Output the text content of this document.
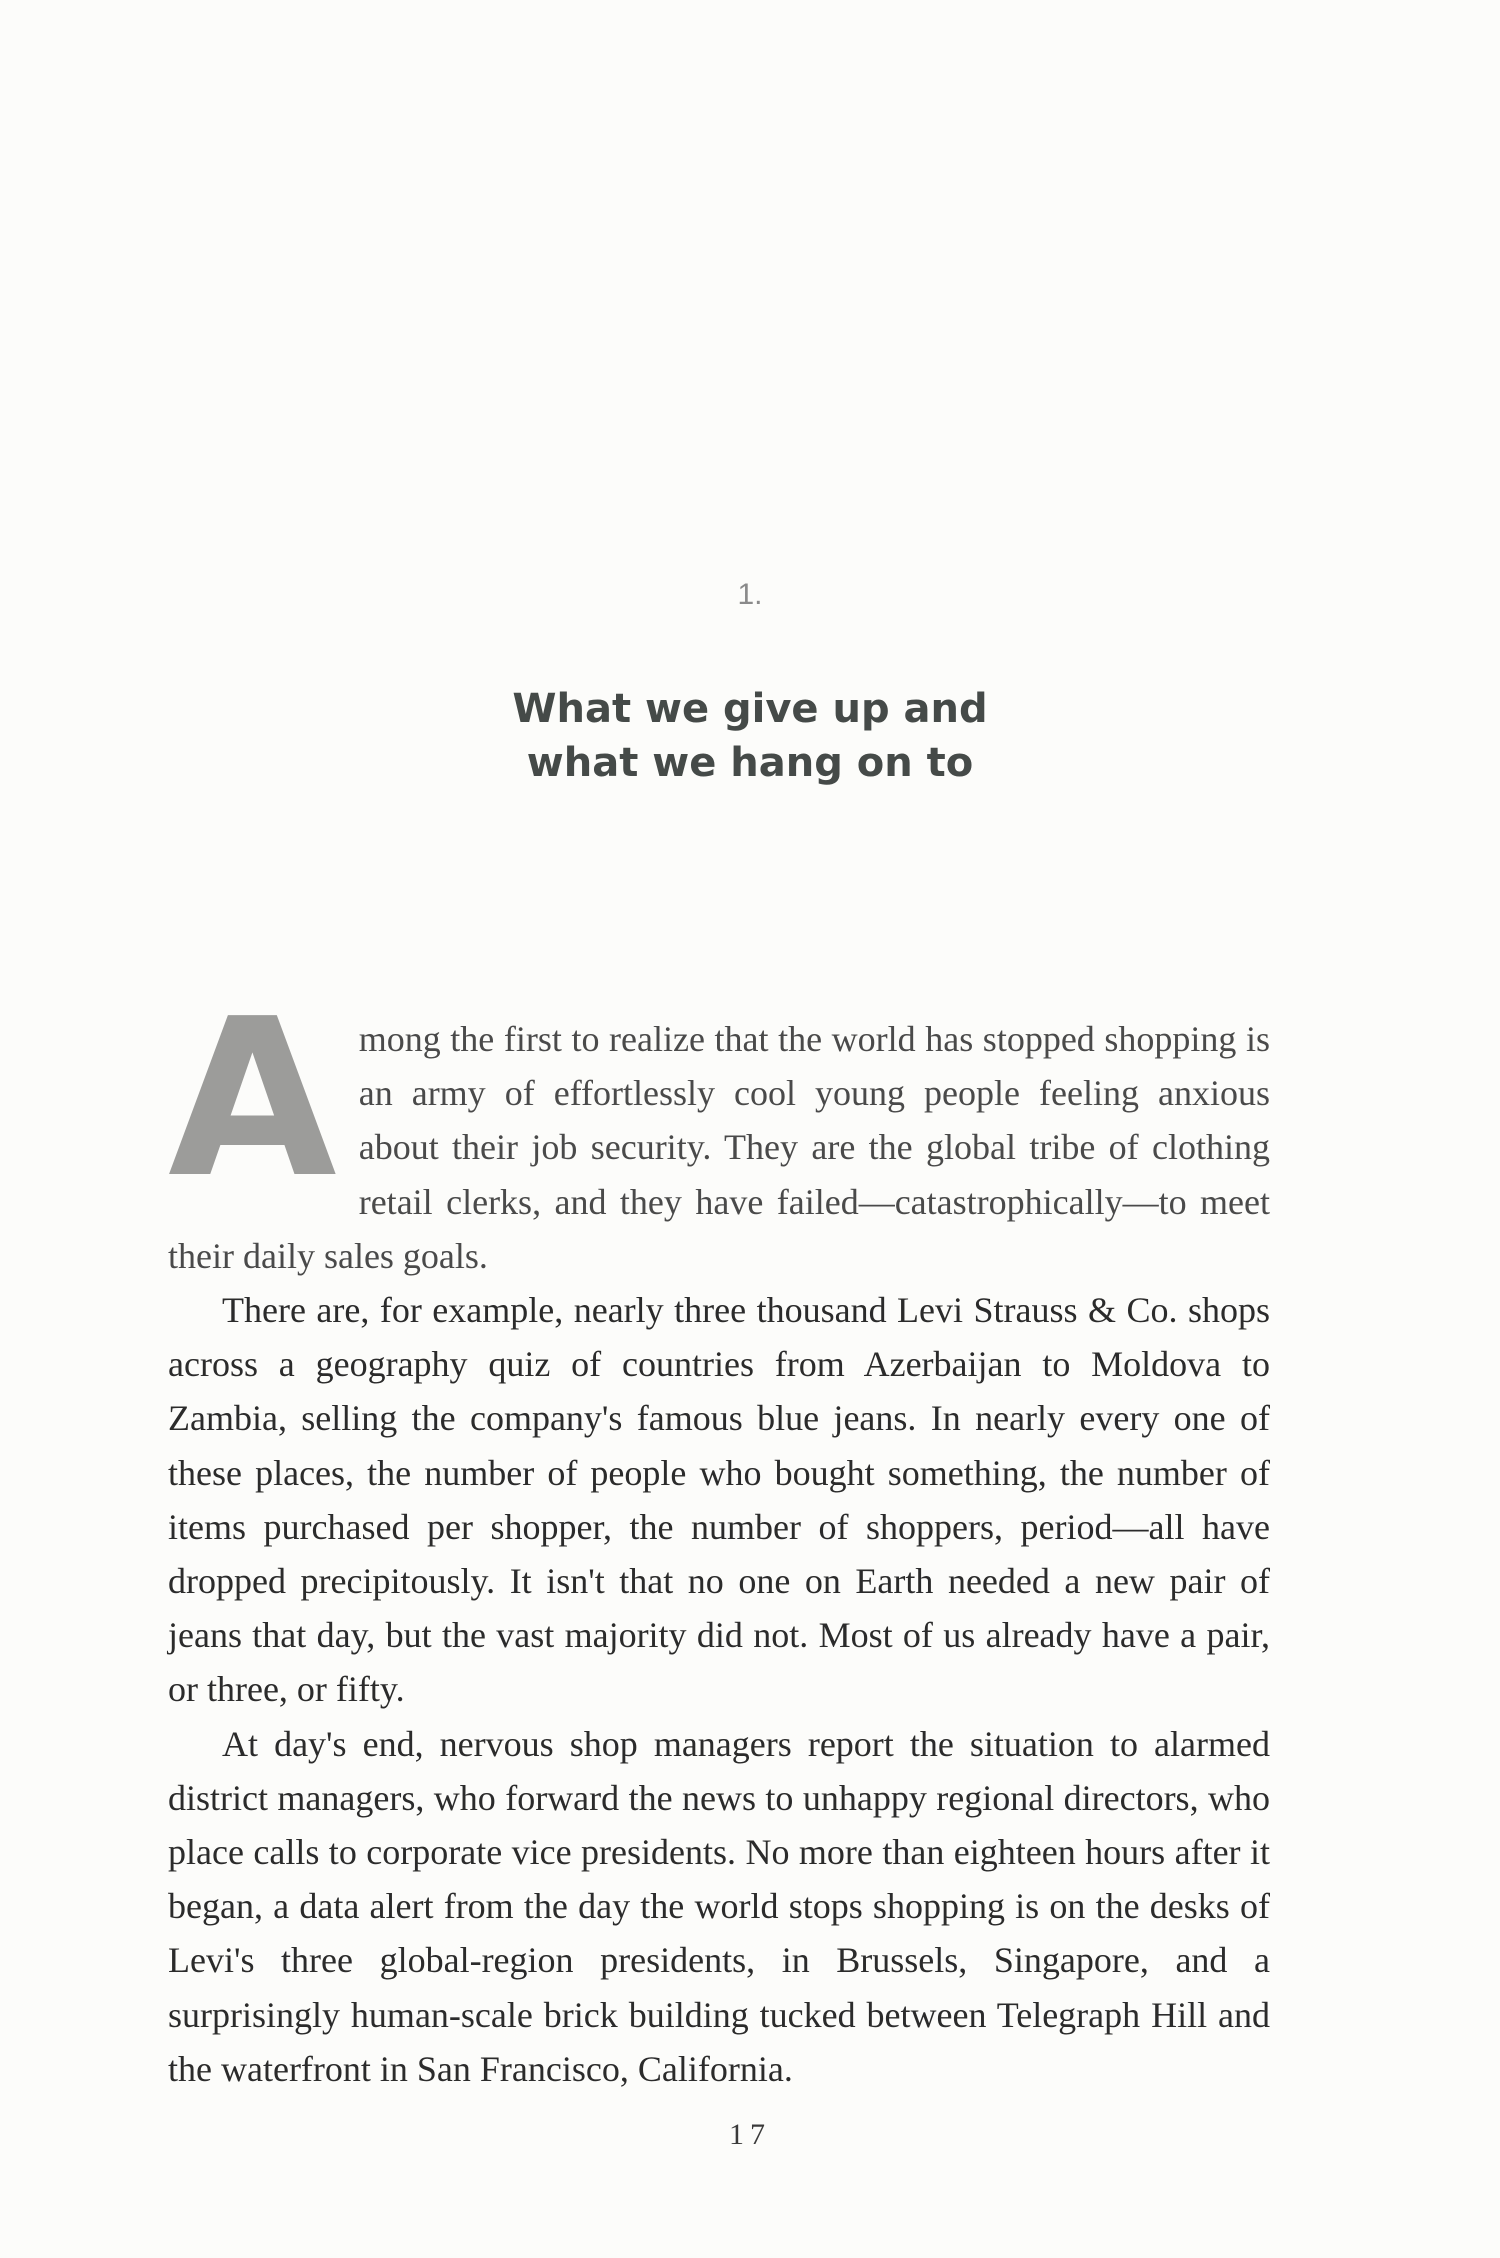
1.
What we give up and
what we hang on to

Among the first to realize that the world has stopped shopping is an army of effortlessly cool young people feeling anxious about their job security. They are the global tribe of clothing retail clerks, and they have failed—catastrophically—to meet their daily sales goals.

There are, for example, nearly three thousand Levi Strauss & Co. shops across a geography quiz of countries from Azerbaijan to Moldova to Zambia, selling the company's famous blue jeans. In nearly every one of these places, the number of people who bought something, the number of items purchased per shopper, the number of shoppers, period—all have dropped precipitously. It isn't that no one on Earth needed a new pair of jeans that day, but the vast majority did not. Most of us already have a pair, or three, or fifty.

At day's end, nervous shop managers report the situation to alarmed district managers, who forward the news to unhappy regional directors, who place calls to corporate vice presidents. No more than eighteen hours after it began, a data alert from the day the world stops shopping is on the desks of Levi's three global-region presidents, in Brussels, Singapore, and a surprisingly human-scale brick building tucked between Telegraph Hill and the waterfront in San Francisco, California.

17
